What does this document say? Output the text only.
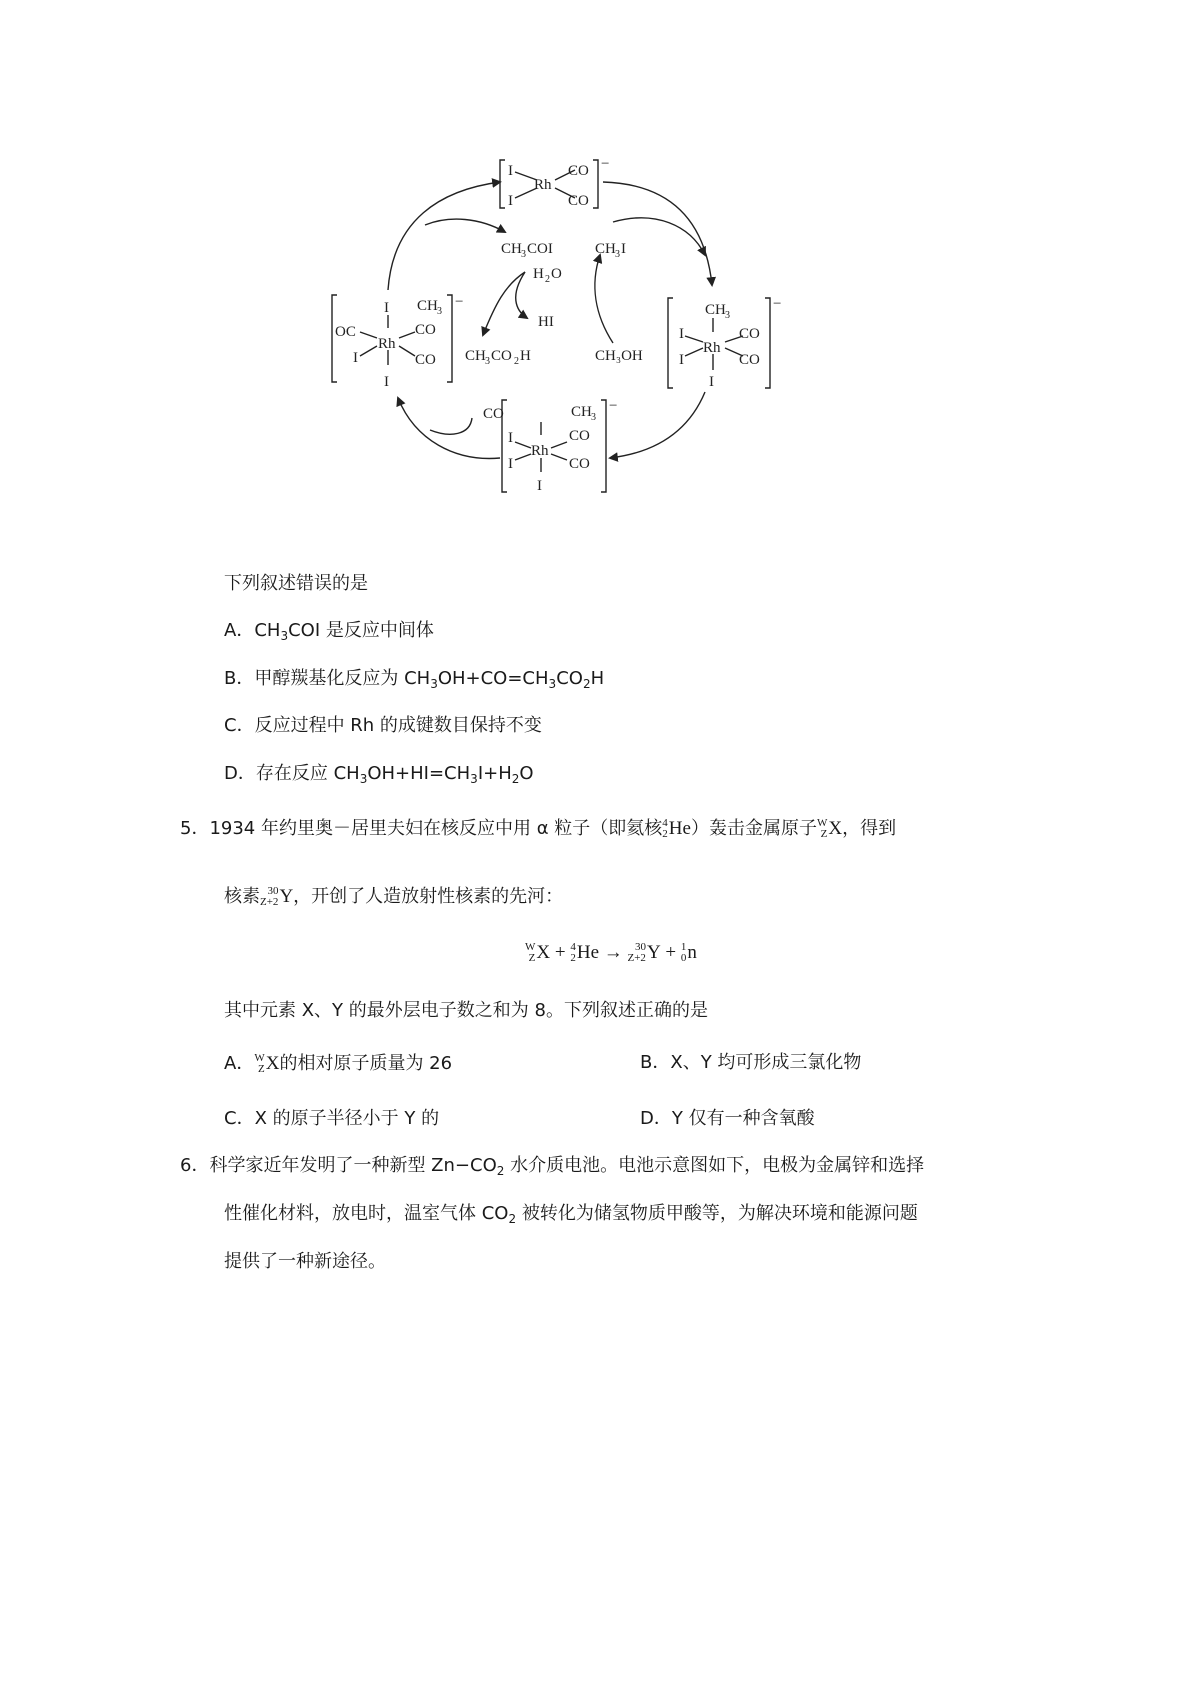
I
I
Rh
CO
CO
−
CH 3
I
I
Rh
CO
CO
I
−
CH 3
CO
I
I
Rh
CO
I
−
I
OC
I
Rh
CH 3
CO
CO
I
−
CH 3 COI
H 2 O
HI
CH 3 CO 2 H
CH 3 I
CH₃OH
CO
下列叙述错误的是
A．$CH_3COI$ 是反应中间体
B．甲醇羰基化反应为 $CH_3OH+CO=CH_3CO_2H$
C．反应过程中 Rh 的成键数目保持不变
D．存在反应 $CH_3OH+HI=CH_3I+H_2O$
5．1934 年约里奥－居里夫妇在核反应中用 α 粒子（即氦核 4
2 He）轰击金属原子 W
Z X，得到
核素 30
Z+2 Y，开创了人造放射性核素的先河：
W
Z X + 4
2 He → 30
Z+2 Y + 1
0 n
其中元素 X、Y 的最外层电子数之和为 8。下列叙述正确的是
A． W
Z X的相对原子质量为 26	B．X、Y 均可形成三氯化物
C．X 的原子半径小于 Y 的	D．Y 仅有一种含氧酸
6．科学家近年发明了一种新型 $Zn-CO_2$ 水介质电池。电池示意图如下，电极为金属锌和选择
性催化材料，放电时，温室气体 $CO_2$ 被转化为储氢物质甲酸等，为解决环境和能源问题
提供了一种新途径。
